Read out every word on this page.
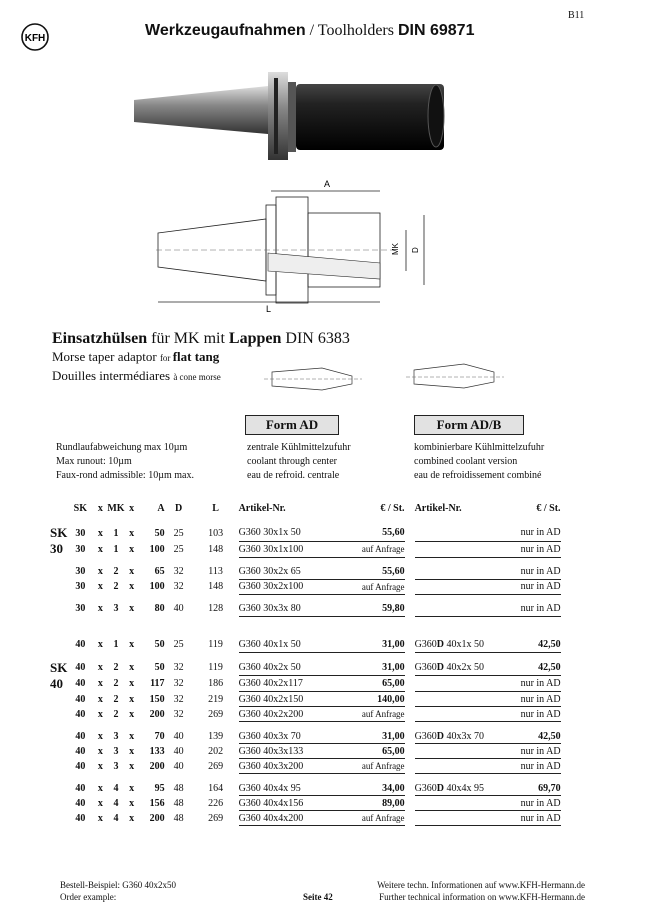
B11
KFH	Werkzeugaufnahmen / Toolholders DIN 69871
A
L
MK D
Einsatzhülsen für MK mit Lappen DIN 6383
Morse taper adaptor for flat tang
Douilles intermédiares à cone morse
Form AD	Form AD/B
Rundlaufabweichung max 10µm
Max runout: 10µm
Faux-rond admissible: 10µm max.
zentrale Kühlmittelzufuhr
coolant through center
eau de refroid. centrale
kombinierbare Kühlmittelzufuhr
combined coolant version
eau de refroidissement combiné
	SK	x	MK	x	A	D	L	Artikel-Nr.	€ / St.		Artikel-Nr.	€ / St.
SK	30	x	1	x	50	25	103	G360 30x1x 50	55,60			nur in AD
30	30	x	1	x	100	25	148	G360 30x1x100	auf Anfrage			nur in AD

	30	x	2	x	65	32	113	G360 30x2x 65	55,60			nur in AD
	30	x	2	x	100	32	148	G360 30x2x100	auf Anfrage			nur in AD

	30	x	3	x	80	40	128	G360 30x3x 80	59,80			nur in AD

	40	x	1	x	50	25	119	G360 40x1x 50	31,00		G360D 40x1x 50	42,50

SK	40	x	2	x	50	32	119	G360 40x2x 50	31,00		G360D 40x2x 50	42,50
40	40	x	2	x	117	32	186	G360 40x2x117	65,00			nur in AD
	40	x	2	x	150	32	219	G360 40x2x150	140,00			nur in AD
	40	x	2	x	200	32	269	G360 40x2x200	auf Anfrage			nur in AD

	40	x	3	x	70	40	139	G360 40x3x 70	31,00		G360D 40x3x 70	42,50
	40	x	3	x	133	40	202	G360 40x3x133	65,00			nur in AD
	40	x	3	x	200	40	269	G360 40x3x200	auf Anfrage			nur in AD

	40	x	4	x	95	48	164	G360 40x4x 95	34,00		G360D 40x4x 95	69,70
	40	x	4	x	156	48	226	G360 40x4x156	89,00			nur in AD
	40	x	4	x	200	48	269	G360 40x4x200	auf Anfrage			nur in AD
Bestell-Beispiel: G360 40x2x50
Order example:	Seite 42
Weitere techn. Informationen auf www.KFH-Hermann.de
Further technical information on www.KFH-Hermann.de
